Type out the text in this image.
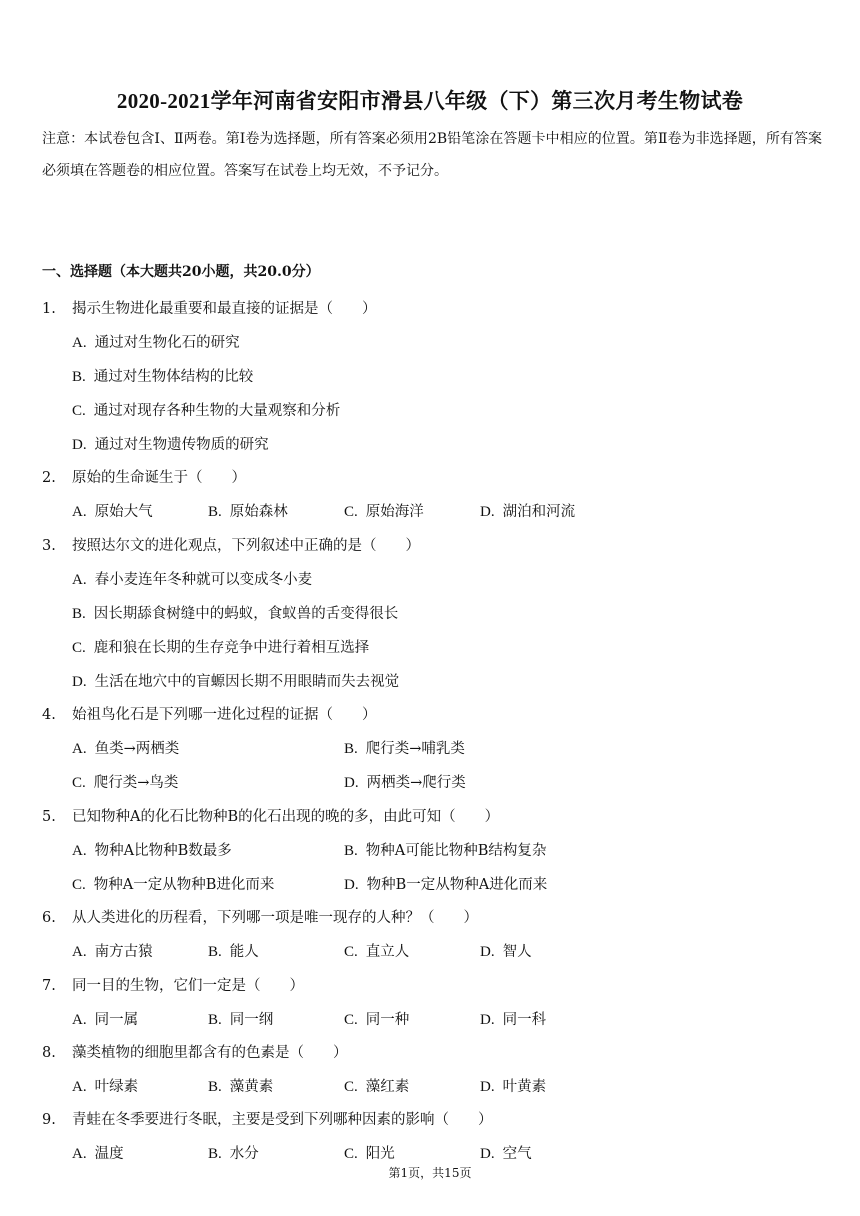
2020-2021学年河南省安阳市滑县八年级（下）第三次月考生物试卷
注意：本试卷包含Ⅰ、Ⅱ两卷。第Ⅰ卷为选择题，所有答案必须用2B铅笔涂在答题卡中相应的位置。第Ⅱ卷为非选择题，所有答案必须填在答题卷的相应位置。答案写在试卷上均无效，不予记分。
一、选择题（本大题共20小题，共20.0分）
1. 揭示生物进化最重要和最直接的证据是（　　）
A. 通过对生物化石的研究
B. 通过对生物体结构的比较
C. 通过对现存各种生物的大量观察和分析
D. 通过对生物遗传物质的研究
2. 原始的生命诞生于（　　）
A. 原始大气	B. 原始森林	C. 原始海洋	D. 湖泊和河流
3. 按照达尔文的进化观点，下列叙述中正确的是（　　）
A. 春小麦连年冬种就可以变成冬小麦
B. 因长期舔食树缝中的蚂蚁，食蚁兽的舌变得很长
C. 鹿和狼在长期的生存竞争中进行着相互选择
D. 生活在地穴中的盲螈因长期不用眼睛而失去视觉
4. 始祖鸟化石是下列哪一进化过程的证据（　　）
A. 鱼类→两栖类	B. 爬行类→哺乳类
C. 爬行类→鸟类	D. 两栖类→爬行类
5. 已知物种A的化石比物种B的化石出现的晚的多，由此可知（　　）
A. 物种A比物种B数最多	B. 物种A可能比物种B结构复杂
C. 物种A一定从物种B进化而来	D. 物种B一定从物种A进化而来
6. 从人类进化的历程看，下列哪一项是唯一现存的人种？（　　）
A. 南方古猿	B. 能人	C. 直立人	D. 智人
7. 同一目的生物，它们一定是（　　）
A. 同一属	B. 同一纲	C. 同一种	D. 同一科
8. 藻类植物的细胞里都含有的色素是（　　）
A. 叶绿素	B. 藻黄素	C. 藻红素	D. 叶黄素
9. 青蛙在冬季要进行冬眠，主要是受到下列哪种因素的影响（　　）
A. 温度	B. 水分	C. 阳光	D. 空气
第1页，共15页
